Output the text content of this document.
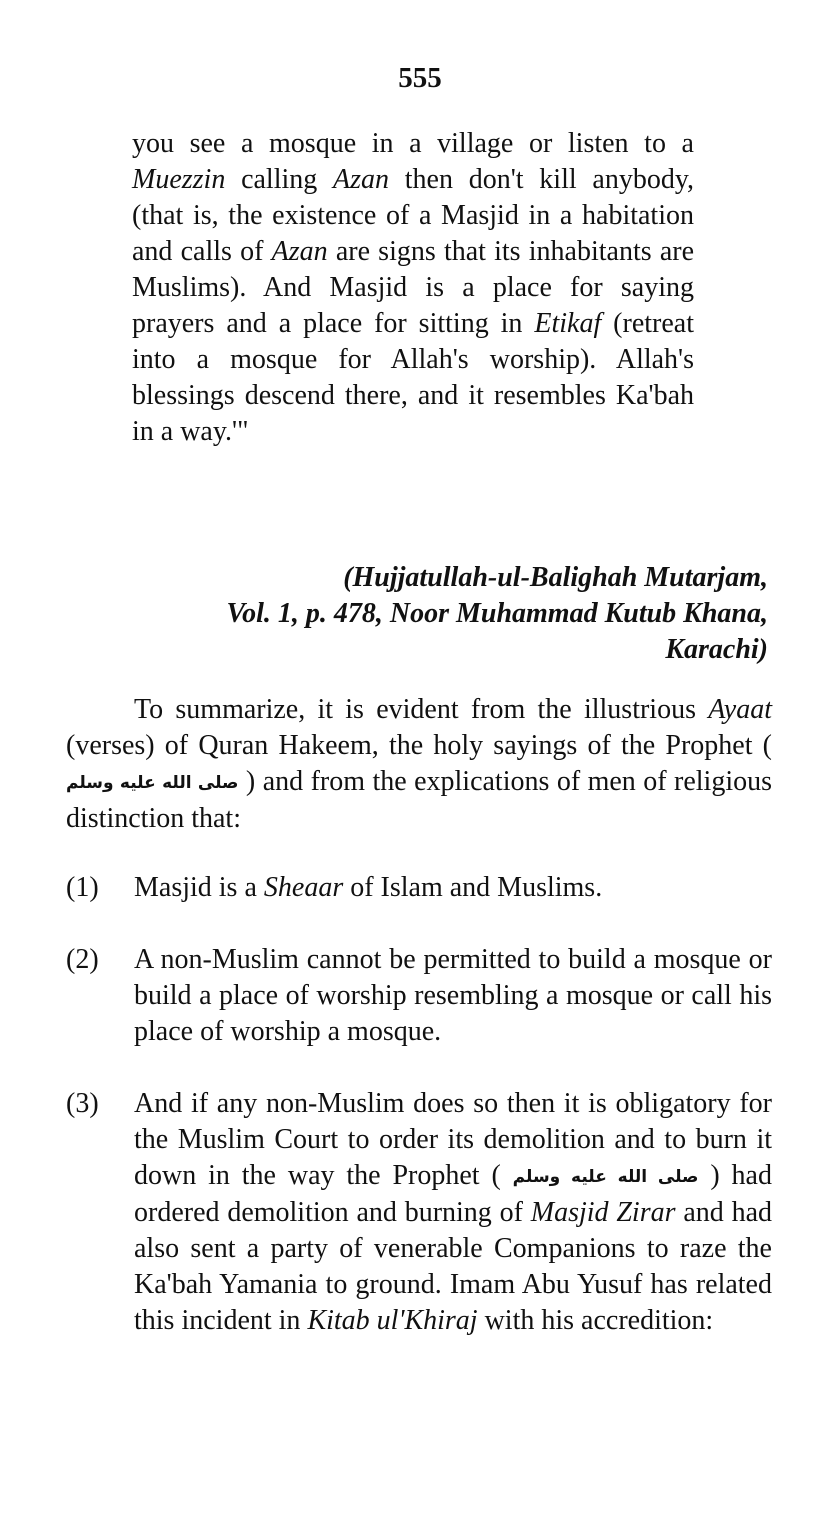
555

you see a mosque in a village or listen to a Muezzin calling Azan then don't kill anybody, (that is, the existence of a Masjid in a habitation and calls of Azan are signs that its inhabitants are Muslims). And Masjid is a place for saying prayers and a place for sitting in Etikaf (retreat into a mosque for Allah's worship). Allah's blessings descend there, and it resembles Ka'bah in a way.'"

(Hujjatullah-ul-Balighah Mutarjam,
Vol. 1, p. 478, Noor Muhammad Kutub Khana,
Karachi)

To summarize, it is evident from the illustrious Ayaat (verses) of Quran Hakeem, the holy sayings of the Prophet ( صلى الله عليه وسلم ) and from the explications of men of religious distinction that:

(1) Masjid is a Sheaar of Islam and Muslims.
(2) A non-Muslim cannot be permitted to build a mosque or build a place of worship resembling a mosque or call his place of worship a mosque.
(3) And if any non-Muslim does so then it is obligatory for the Muslim Court to order its demolition and to burn it down in the way the Prophet ( صلى الله عليه وسلم ) had ordered demolition and burning of Masjid Zirar and had also sent a party of venerable Companions to raze the Ka'bah Yamania to ground. Imam Abu Yusuf has related this incident in Kitab ul'Khiraj with his accredition:
